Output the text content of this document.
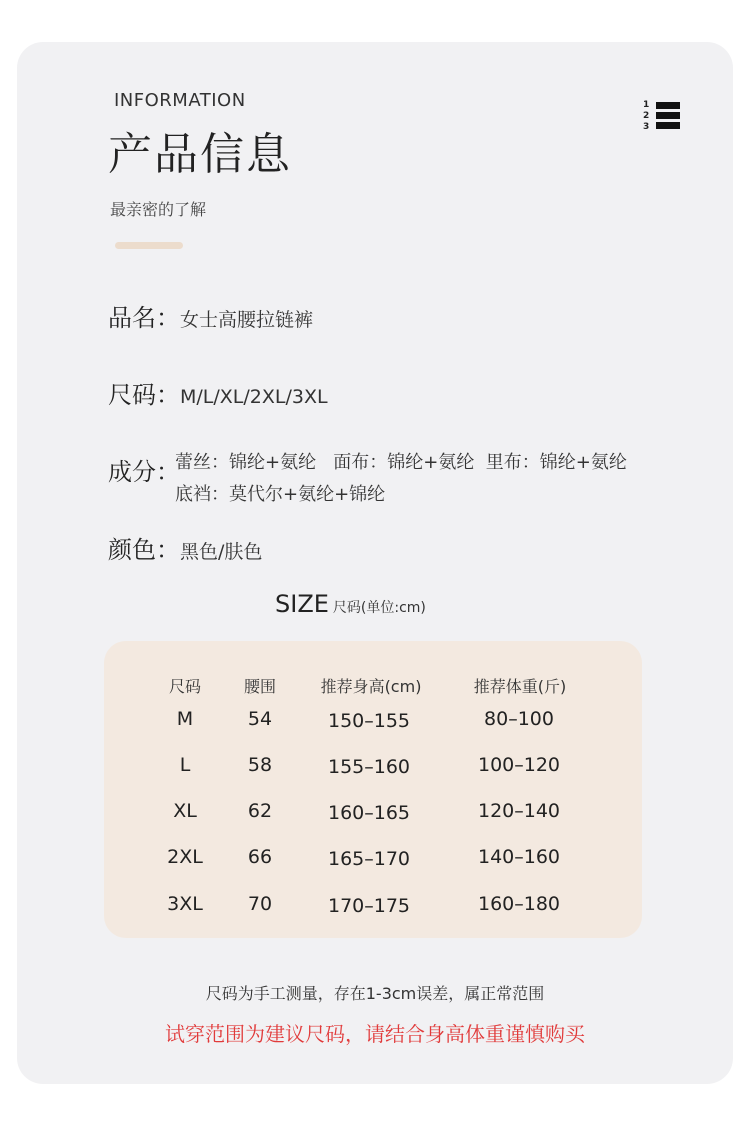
INFORMATION
产品信息
最亲密的了解
1
2
3
品名：女士高腰拉链裤
尺码：M/L/XL/2XL/3XL
成分：
蕾丝：锦纶+氨纶   面布：锦纶+氨纶  里布：锦纶+氨纶
底裆：莫代尔+氨纶+锦纶
颜色：黑色/肤色
SIZE 尺码(单位:cm)
尺码	腰围	推荐身高(cm)	推荐体重(斤)
M	54	150–155	80–100
L	58	155–160	100–120
XL	62	160–165	120–140
2XL 66	165–170	140–160
3XL 70	170–175	160–180
尺码为手工测量，存在1-3cm误差，属正常范围
试穿范围为建议尺码，请结合身高体重谨慎购买
